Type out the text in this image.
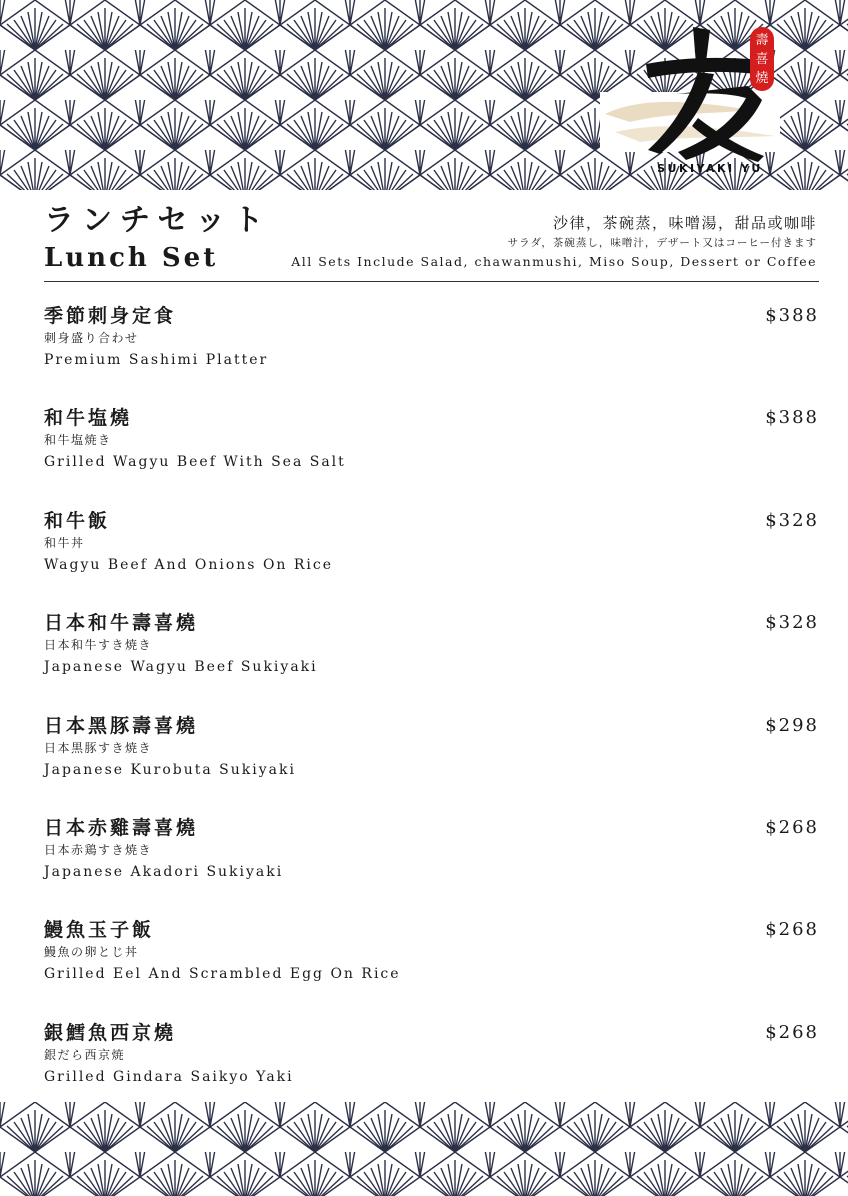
壽喜燒
SUKIYAKI YU
ランチセット
Lunch Set
沙律，茶碗蒸，味噌湯，甜品或咖啡
サラダ，茶碗蒸し，味噌汁，デザート又はコーヒー付きます
All Sets Include Salad, chawanmushi, Miso Soup, Dessert or Coffee
季節刺身定食
刺身盛り合わせ
Premium Sashimi Platter
$388
和牛塩燒
和牛塩焼き
Grilled Wagyu Beef With Sea Salt
$388
和牛飯
和牛丼
Wagyu Beef And Onions On Rice
$328
日本和牛壽喜燒
日本和牛すき焼き
Japanese Wagyu Beef Sukiyaki
$328
日本黑豚壽喜燒
日本黒豚すき焼き
Japanese Kurobuta Sukiyaki
$298
日本赤雞壽喜燒
日本赤鶏すき焼き
Japanese Akadori Sukiyaki
$268
鰻魚玉子飯
鰻魚の卵とじ丼
Grilled Eel And Scrambled Egg On Rice
$268
銀鱈魚西京燒
銀だら西京焼
Grilled Gindara Saikyo Yaki
$268
